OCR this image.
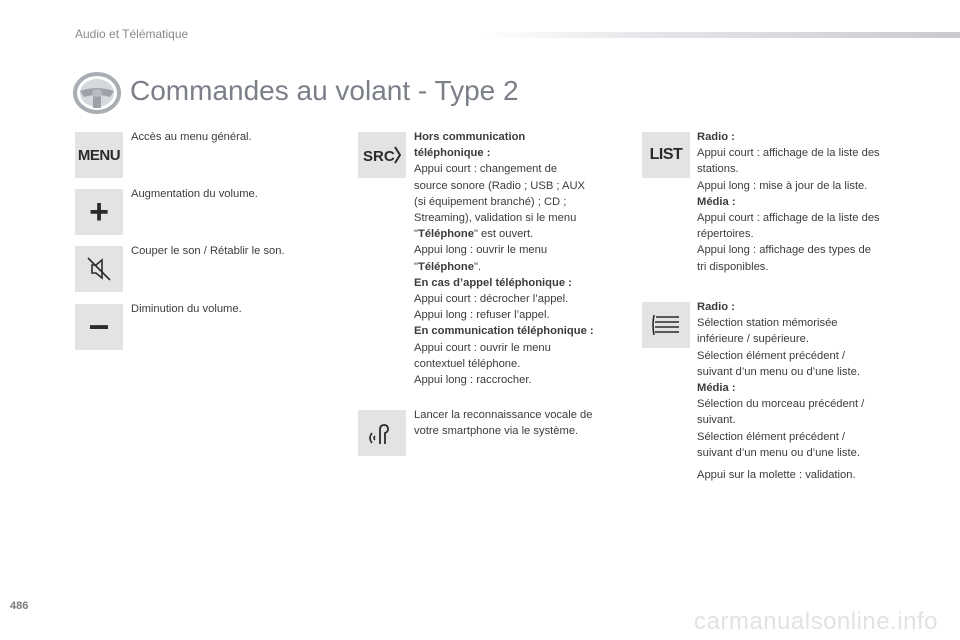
Audio et Télématique
Commandes au volant - Type 2
MENU
Accès au menu général.
+ Augmentation du volume.
Couper le son / Rétablir le son.
− Diminution du volume.
SRC
Hors communication
téléphonique :
Appui court : changement de
source sonore (Radio ; USB ; AUX
(si équipement branché) ; CD ;
Streaming), validation si le menu
"Téléphone" est ouvert.
Appui long : ouvrir le menu
"Téléphone".
En cas d’appel téléphonique :
Appui court : décrocher l’appel.
Appui long : refuser l’appel.
En communication téléphonique :
Appui court : ouvrir le menu
contextuel téléphone.
Appui long : raccrocher.
Lancer la reconnaissance vocale de
votre smartphone via le système.
LIST
Radio :
Appui court : affichage de la liste des
stations.
Appui long : mise à jour de la liste.
Média :
Appui court : affichage de la liste des
répertoires.
Appui long : affichage des types de
tri disponibles.
Radio :
Sélection station mémorisée
inférieure / supérieure.
Sélection élément précédent /
suivant d’un menu ou d’une liste.
Média :
Sélection du morceau précédent /
suivant.
Sélection élément précédent /
suivant d’un menu ou d’une liste.
Appui sur la molette : validation.
486
carmanualsonline.info
